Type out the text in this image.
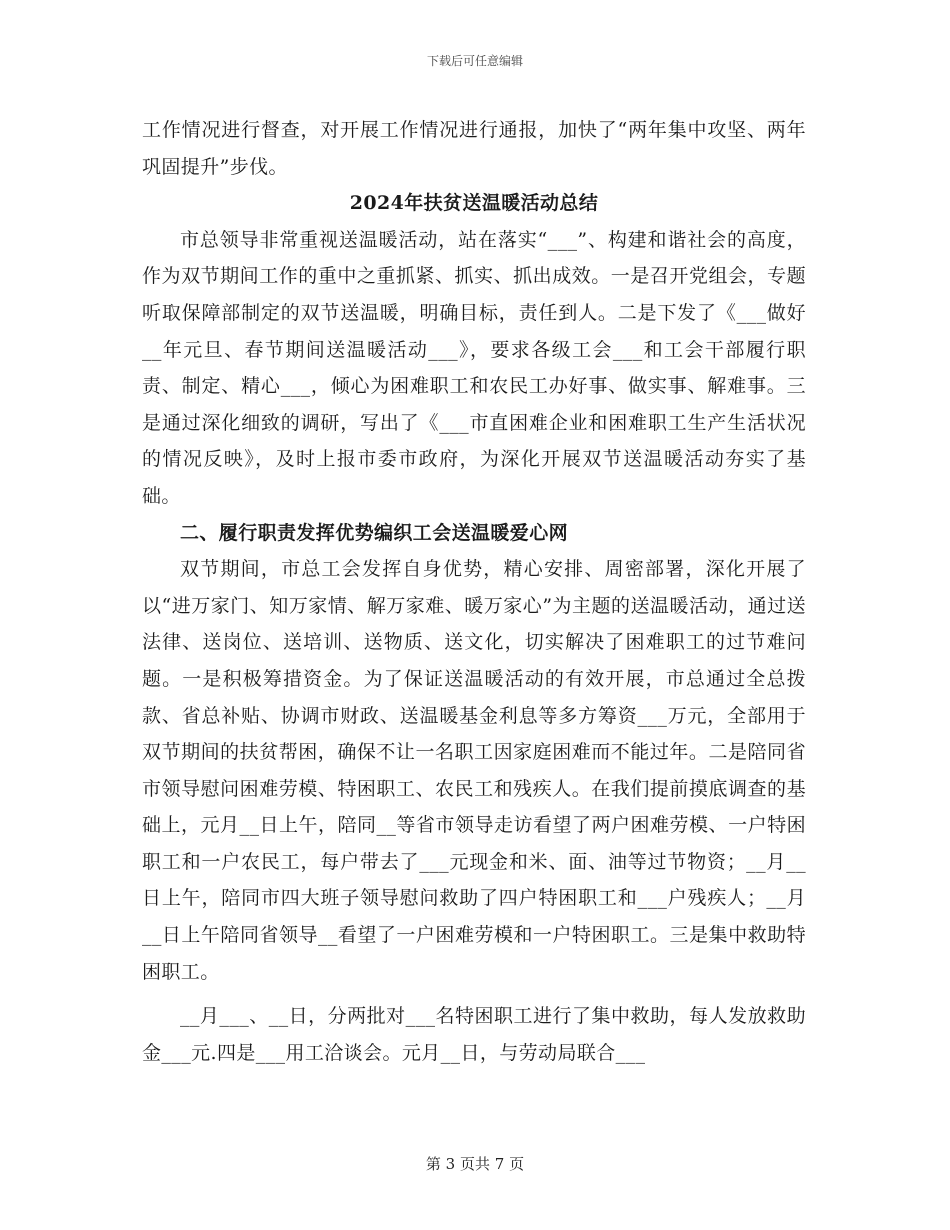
下载后可任意编辑

工作情况进行督查，对开展工作情况进行通报，加快了“两年集中攻坚、两年巩固提升”步伐。

2024年扶贫送温暖活动总结

市总领导非常重视送温暖活动，站在落实“___”、构建和谐社会的高度，作为双节期间工作的重中之重抓紧、抓实、抓出成效。一是召开党组会，专题听取保障部制定的双节送温暖，明确目标，责任到人。二是下发了《___做好__年元旦、春节期间送温暖活动___》，要求各级工会___和工会干部履行职责、制定、精心___，倾心为困难职工和农民工办好事、做实事、解难事。三是通过深化细致的调研，写出了《___市直困难企业和困难职工生产生活状况的情况反映》，及时上报市委市政府，为深化开展双节送温暖活动夯实了基础。

二、履行职责发挥优势编织工会送温暖爱心网

双节期间，市总工会发挥自身优势，精心安排、周密部署，深化开展了以“进万家门、知万家情、解万家难、暖万家心”为主题的送温暖活动，通过送法律、送岗位、送培训、送物质、送文化，切实解决了困难职工的过节难问题。一是积极筹措资金。为了保证送温暖活动的有效开展，市总通过全总拨款、省总补贴、协调市财政、送温暖基金利息等多方筹资___万元，全部用于双节期间的扶贫帮困，确保不让一名职工因家庭困难而不能过年。二是陪同省市领导慰问困难劳模、特困职工、农民工和残疾人。在我们提前摸底调查的基础上，元月__日上午，陪同__等省市领导走访看望了两户困难劳模、一户特困职工和一户农民工，每户带去了___元现金和米、面、油等过节物资；__月__日上午，陪同市四大班子领导慰问救助了四户特困职工和___户残疾人；__月__日上午陪同省领导__看望了一户困难劳模和一户特困职工。三是集中救助特困职工。

__月___、__日，分两批对___名特困职工进行了集中救助，每人发放救助金___元.四是___用工洽谈会。元月__日，与劳动局联合___

第 3 页共 7 页
